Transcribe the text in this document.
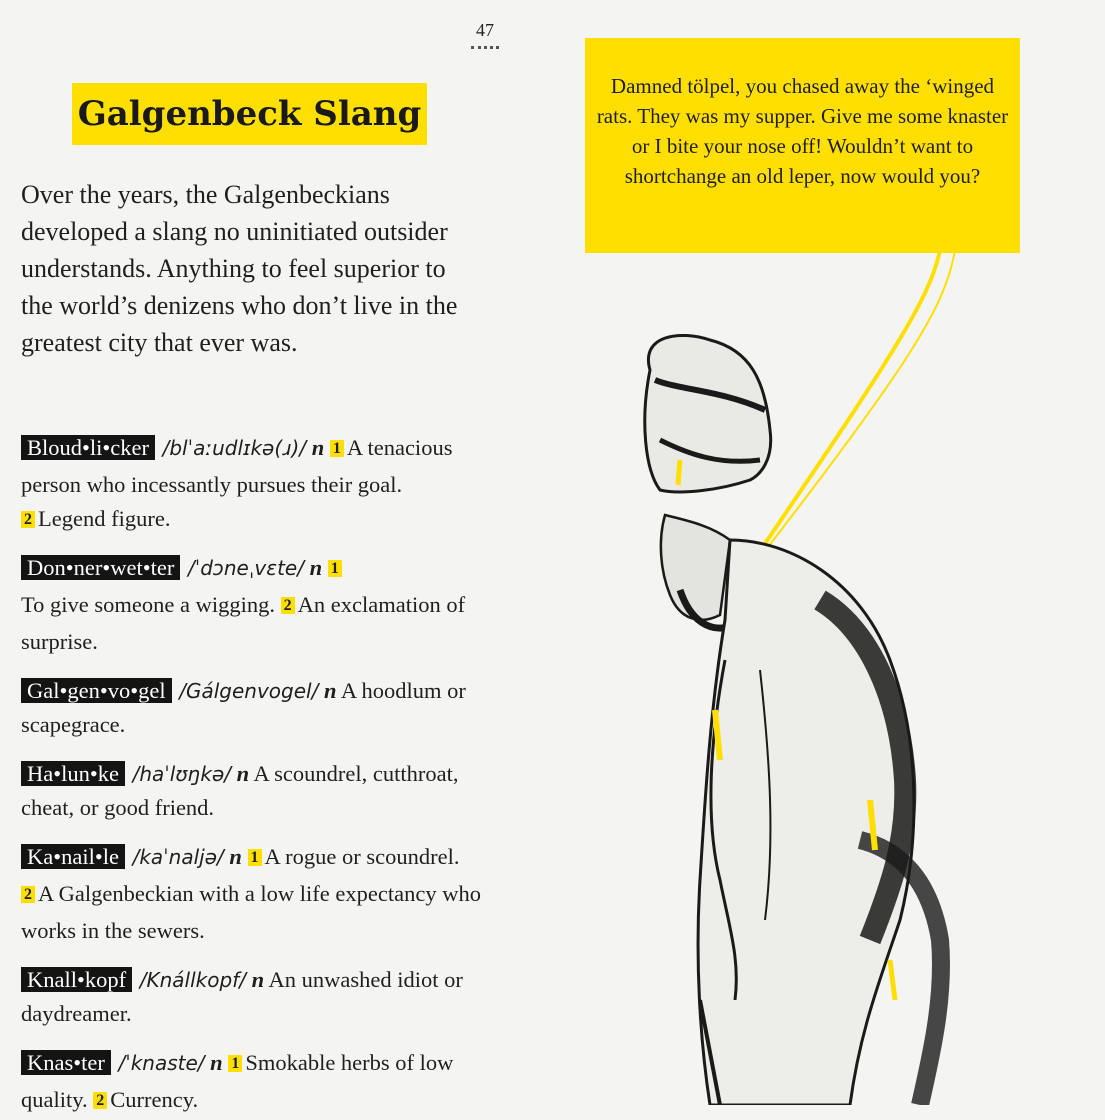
47
Galgenbeck Slang

Over the years, the Galgenbeckians developed a slang no uninitiated outsider understands. Anything to feel superior to the world’s denizens who don’t live in the greatest city that ever was.

Bloud•li•cker /blˈaːudlɪkə(ɹ)/ n 1 A tenacious person who incessantly pursues their goal. 2 Legend figure.

Don•ner•wet•ter /ˈdɔneˌvɛte/ n 1
To give someone a wigging. 2 An exclamation of surprise.

Gal•gen•vo•gel /Gálgenvogel/ n A hoodlum or scapegrace.

Ha•lun•ke /haˈlʊŋkə/ n A scoundrel, cutthroat, cheat, or good friend.

Ka•nail•le /kaˈnaljə/ n 1 A rogue or scoundrel. 2 A Galgenbeckian with a low life expectancy who works in the sewers.

Knall•kopf /Knállkopf/ n An unwashed idiot or daydreamer.

Knas•ter /ˈknaste/ n 1 Smokable herbs of low quality. 2 Currency.

Damned tölpel, you chased away the ‘winged rats. They was my supper. Give me some knaster or I bite your nose off! Wouldn’t want to shortchange an old leper, now would you?
